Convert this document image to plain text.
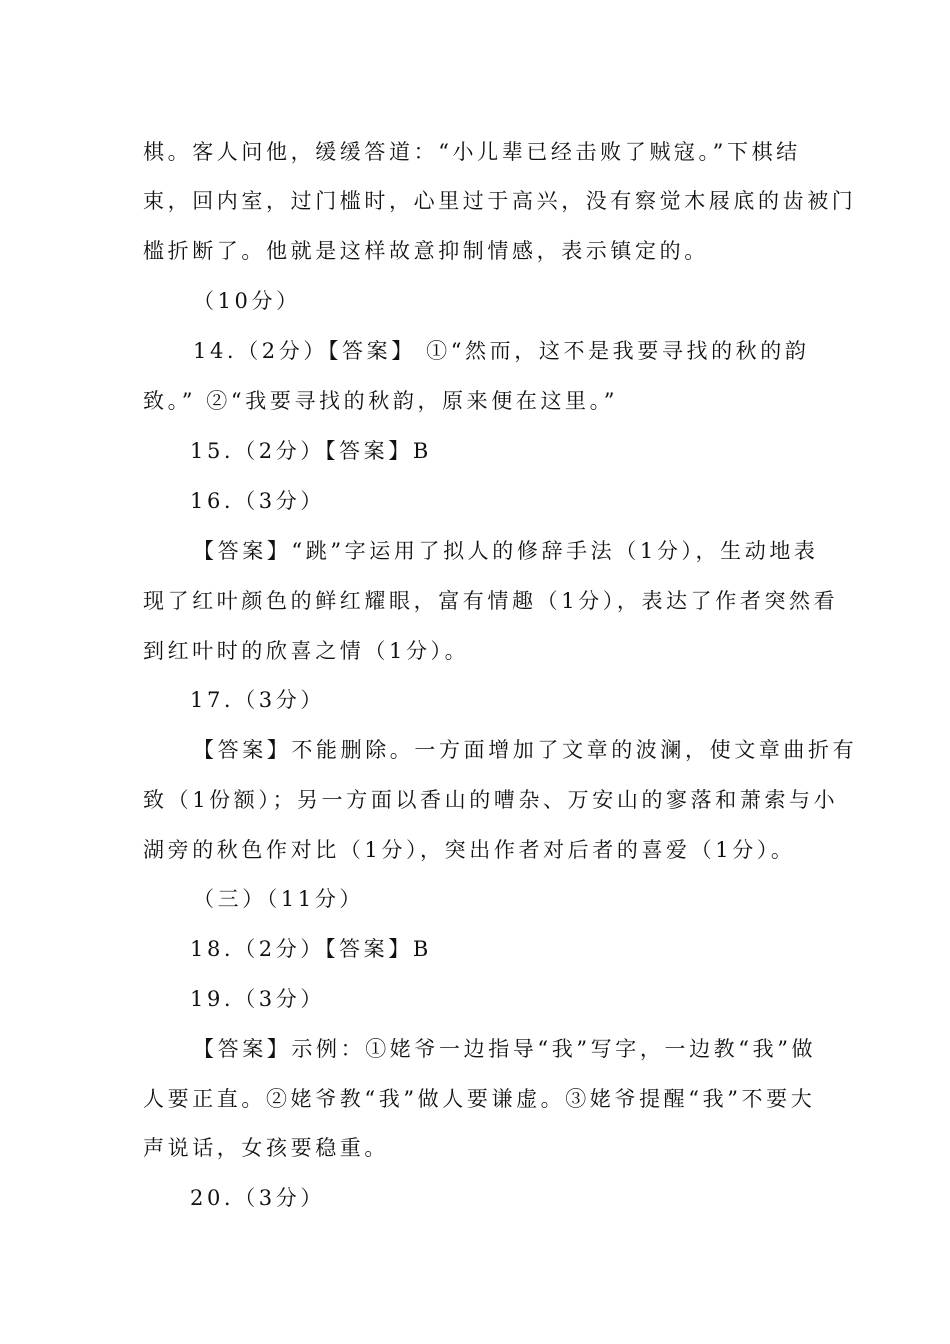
棋。客人问他，缓缓答道：“小儿辈已经击败了贼寇。”下棋结
束，回内室，过门槛时，心里过于高兴，没有察觉木屐底的齿被门
槛折断了。他就是这样故意抑制情感，表示镇定的。
（10分）
14.（2分）【答案】 ①“然而，这不是我要寻找的秋的韵
致。” ②“我要寻找的秋韵，原来便在这里。”
15.（2分）【答案】B
16.（3分）
【答案】“跳”字运用了拟人的修辞手法（1分），生动地表
现了红叶颜色的鲜红耀眼，富有情趣（1分），表达了作者突然看
到红叶时的欣喜之情（1分）。
17.（3分）
【答案】不能删除。一方面增加了文章的波澜，使文章曲折有
致（1份额）；另一方面以香山的嘈杂、万安山的寥落和萧索与小
湖旁的秋色作对比（1分），突出作者对后者的喜爱（1分）。
（三）（11分）
18.（2分）【答案】B
19.（3分）
【答案】示例：①姥爷一边指导“我”写字，一边教“我”做
人要正直。②姥爷教“我”做人要谦虚。③姥爷提醒“我”不要大
声说话，女孩要稳重。
20.（3分）
